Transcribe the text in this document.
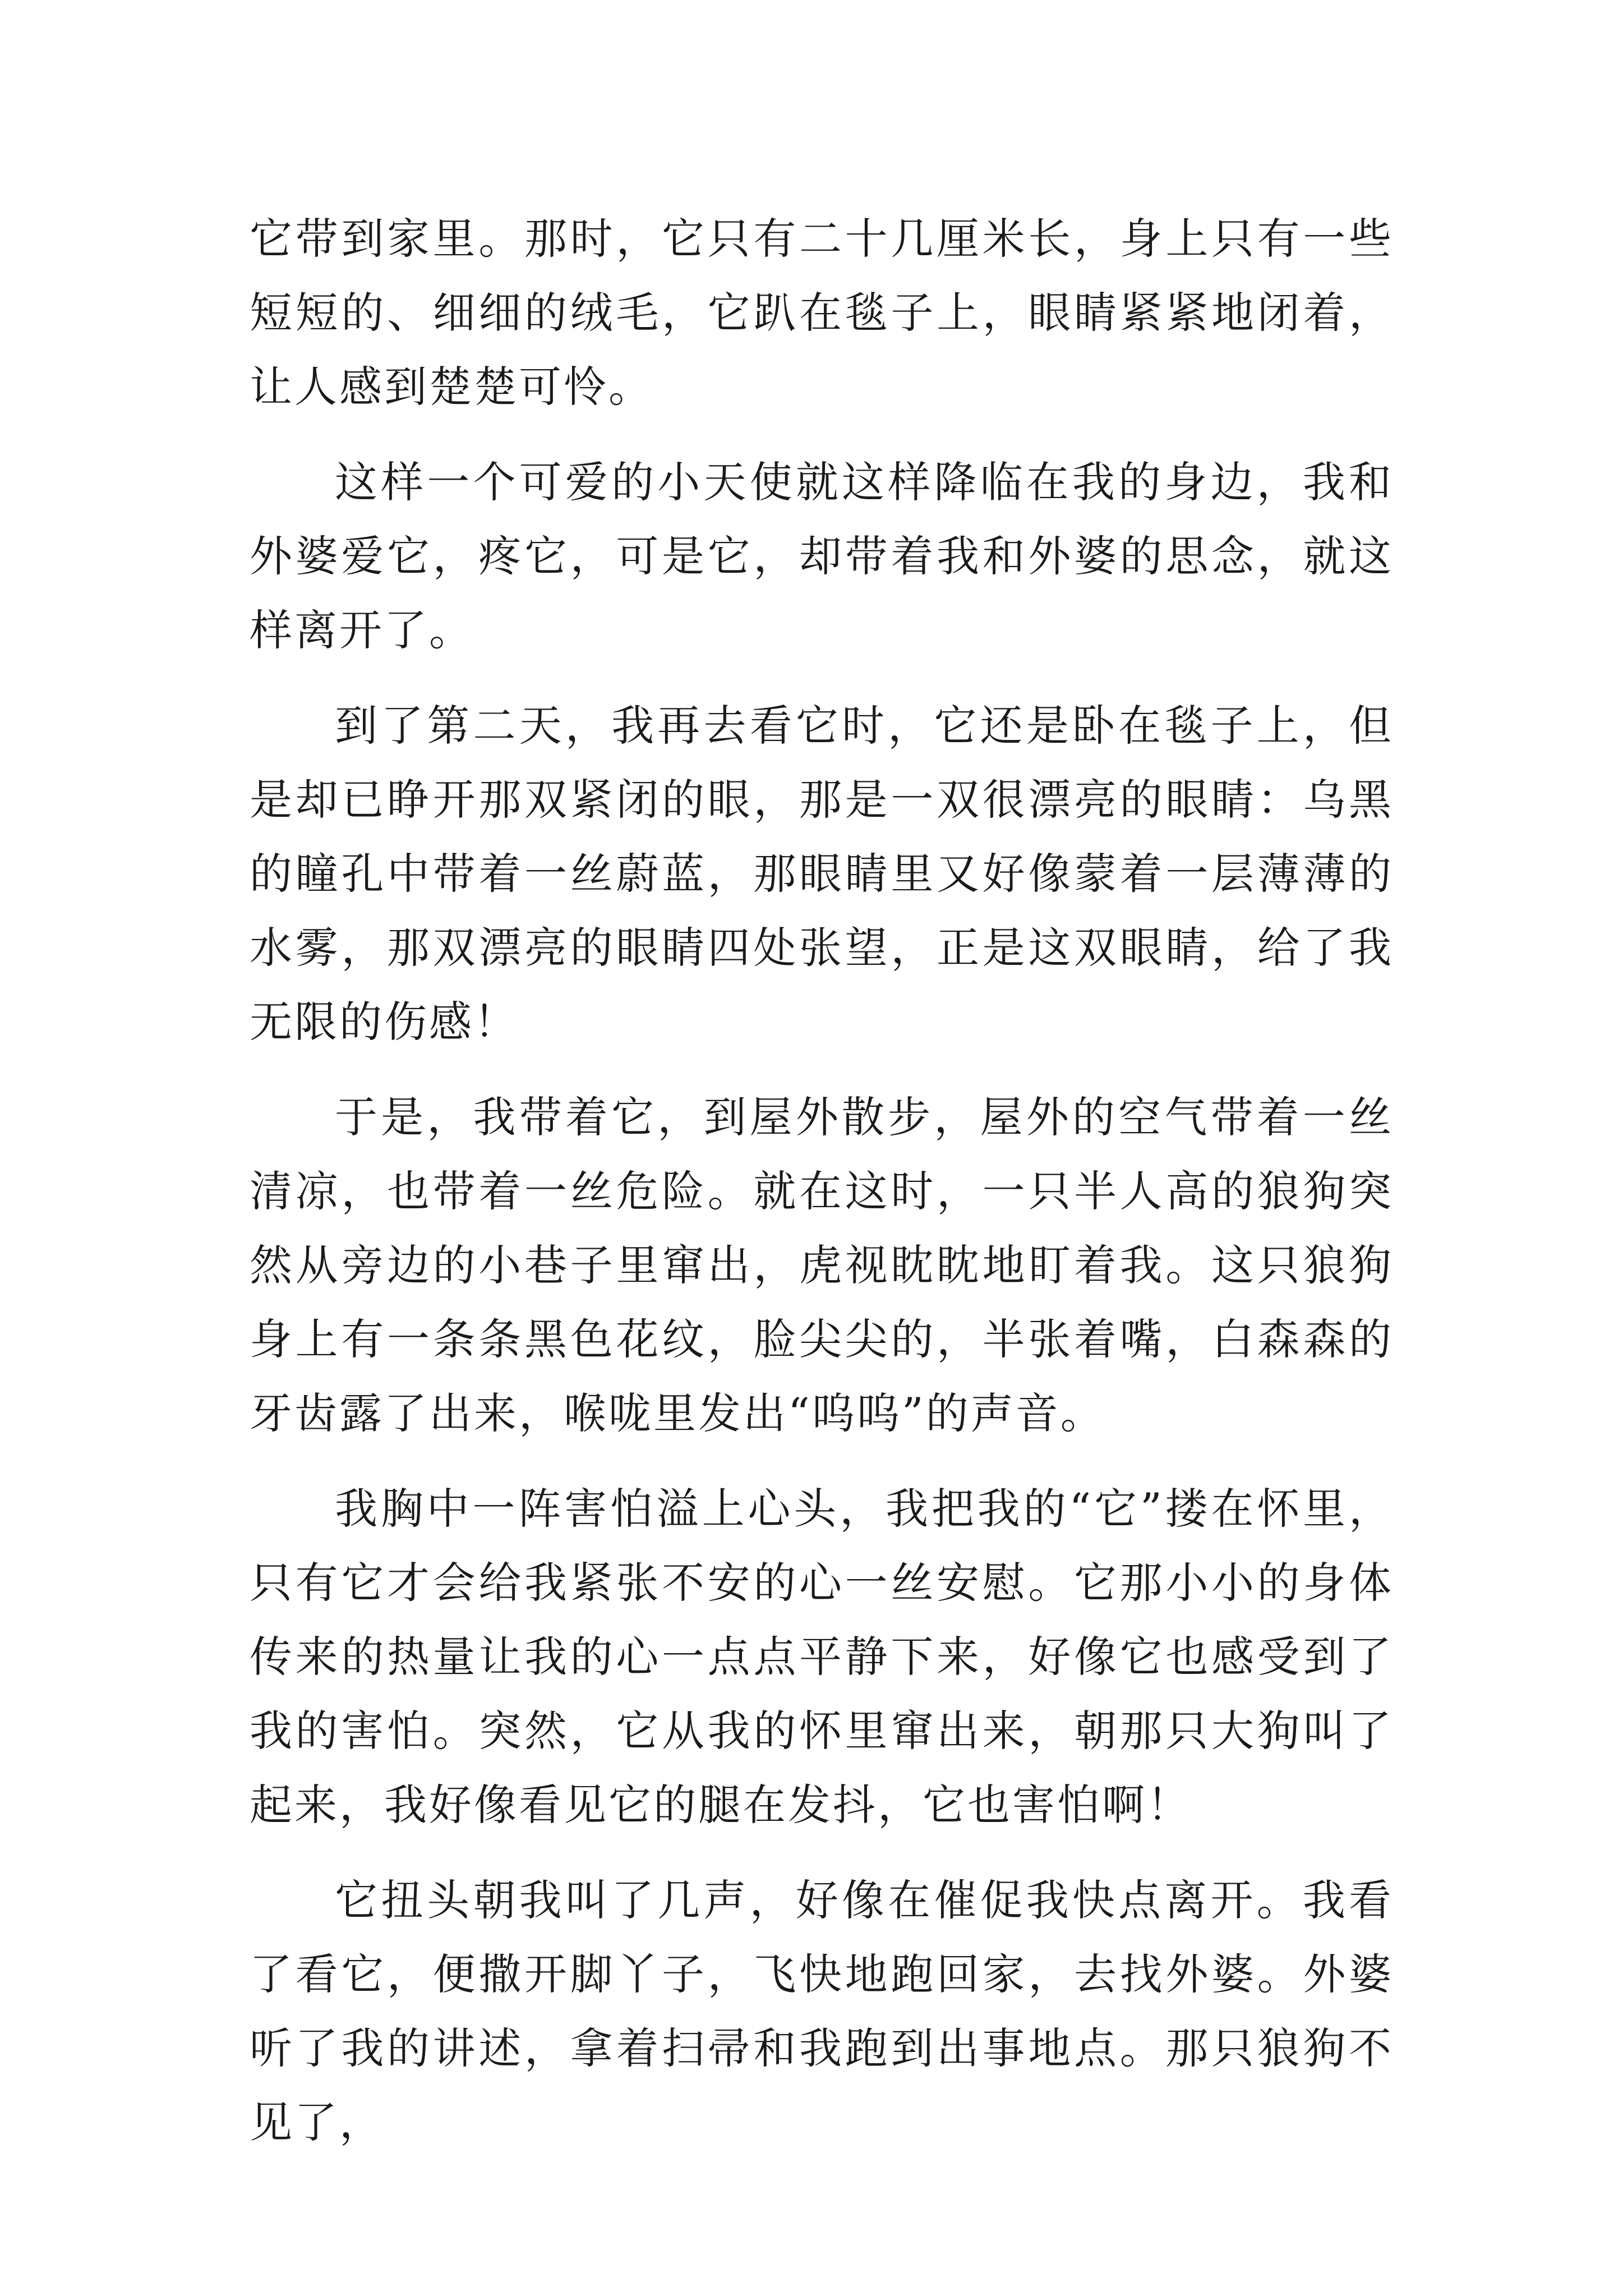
它带到家里。那时，它只有二十几厘米长，身上只有一些短短的、细细的绒毛，它趴在毯子上，眼睛紧紧地闭着，让人感到楚楚可怜。

这样一个可爱的小天使就这样降临在我的身边，我和外婆爱它，疼它，可是它，却带着我和外婆的思念，就这样离开了。

到了第二天，我再去看它时，它还是卧在毯子上，但是却已睁开那双紧闭的眼，那是一双很漂亮的眼睛：乌黑的瞳孔中带着一丝蔚蓝，那眼睛里又好像蒙着一层薄薄的水雾，那双漂亮的眼睛四处张望，正是这双眼睛，给了我无限的伤感！

于是，我带着它，到屋外散步，屋外的空气带着一丝清凉，也带着一丝危险。就在这时，一只半人高的狼狗突然从旁边的小巷子里窜出，虎视眈眈地盯着我。这只狼狗身上有一条条黑色花纹，脸尖尖的，半张着嘴，白森森的牙齿露了出来，喉咙里发出“呜呜”的声音。

我胸中一阵害怕溢上心头，我把我的“它”搂在怀里，只有它才会给我紧张不安的心一丝安慰。它那小小的身体传来的热量让我的心一点点平静下来，好像它也感受到了我的害怕。突然，它从我的怀里窜出来，朝那只大狗叫了起来，我好像看见它的腿在发抖，它也害怕啊！

它扭头朝我叫了几声，好像在催促我快点离开。我看了看它，便撒开脚丫子，飞快地跑回家，去找外婆。外婆听了我的讲述，拿着扫帚和我跑到出事地点。那只狼狗不见了，
